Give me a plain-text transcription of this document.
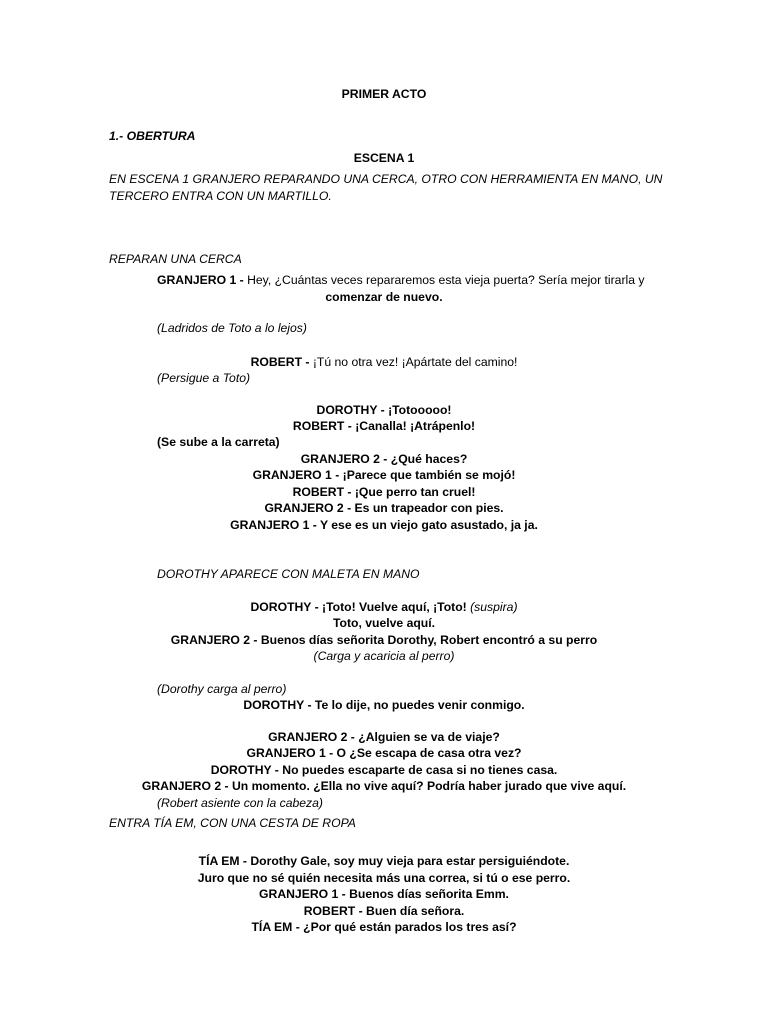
PRIMER ACTO
1.- OBERTURA
ESCENA 1
EN ESCENA 1 GRANJERO REPARANDO UNA CERCA, OTRO CON HERRAMIENTA EN MANO, UN
TERCERO ENTRA CON UN MARTILLO.
REPARAN UNA CERCA
GRANJERO 1 - Hey, ¿Cuántas veces repararemos esta vieja puerta? Sería mejor tirarla y
comenzar de nuevo.
(Ladridos de Toto a lo lejos)
ROBERT - ¡Tú no otra vez! ¡Apártate del camino!
(Persigue a Toto)
DOROTHY - ¡Totooooo!
ROBERT - ¡Canalla! ¡Atrápenlo!
(Se sube a la carreta)
GRANJERO 2 - ¿Qué haces?
GRANJERO 1 - ¡Parece que también se mojó!
ROBERT - ¡Que perro tan cruel!
GRANJERO 2 - Es un trapeador con pies.
GRANJERO 1 - Y ese es un viejo gato asustado, ja ja.
DOROTHY APARECE CON MALETA EN MANO
DOROTHY - ¡Toto! Vuelve aquí, ¡Toto! (suspira)
Toto, vuelve aquí.
GRANJERO 2 - Buenos días señorita Dorothy, Robert encontró a su perro
(Carga y acaricia al perro)
(Dorothy carga al perro)
DOROTHY - Te lo dije, no puedes venir conmigo.
GRANJERO 2 - ¿Alguien se va de viaje?
GRANJERO 1 - O ¿Se escapa de casa otra vez?
DOROTHY - No puedes escaparte de casa si no tienes casa.
GRANJERO 2 - Un momento. ¿Ella no vive aquí? Podría haber jurado que vive aquí.
(Robert asiente con la cabeza)
ENTRA TÍA EM, CON UNA CESTA DE ROPA
TÍA EM - Dorothy Gale, soy muy vieja para estar persiguiéndote.
Juro que no sé quién necesita más una correa, si tú o ese perro.
GRANJERO 1 - Buenos días señorita Emm.
ROBERT - Buen día señora.
TÍA EM - ¿Por qué están parados los tres así?
